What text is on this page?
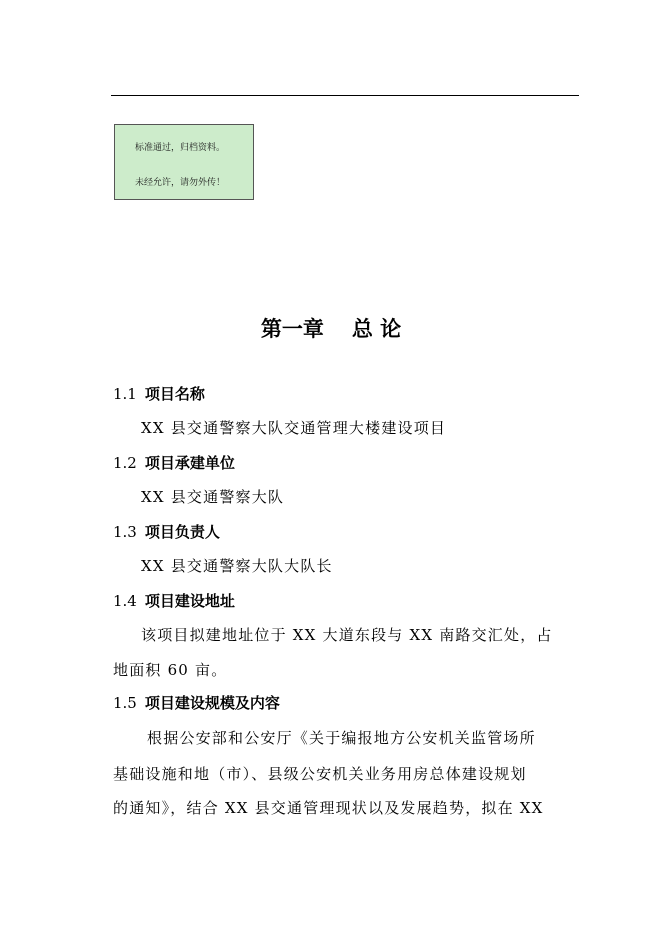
标准通过，归档资料。
未经允许，请勿外传！
第一章 总 论
1.1 项目名称
XX 县交通警察大队交通管理大楼建设项目
1.2 项目承建单位
XX 县交通警察大队
1.3 项目负责人
XX 县交通警察大队大队长
1.4 项目建设地址
该项目拟建地址位于 XX 大道东段与 XX 南路交汇处，占
地面积 60 亩。
1.5 项目建设规模及内容
根据公安部和公安厅《关于编报地方公安机关监管场所
基础设施和地（市）、县级公安机关业务用房总体建设规划
的通知》，结合 XX 县交通管理现状以及发展趋势，拟在 XX
